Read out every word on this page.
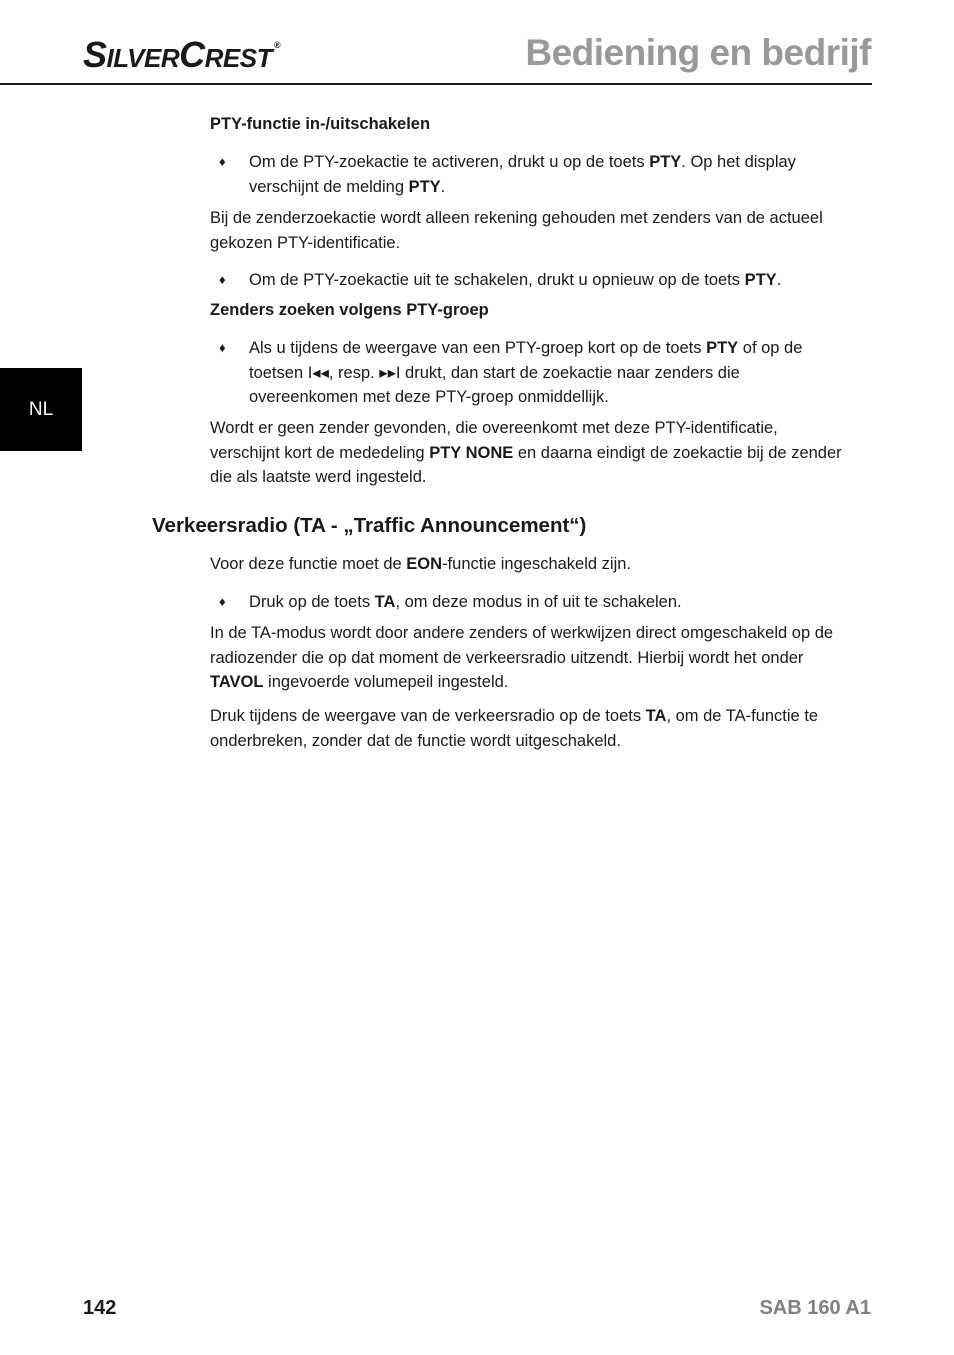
SILVERCREST ®	Bediening en bedrijf
NL
PTY-functie in-/uitschakelen
♦ Om de PTY-zoekactie te activeren, drukt u op de toets PTY. Op het display verschijnt de melding PTY.
Bij de zenderzoekactie wordt alleen rekening gehouden met zenders van de actueel gekozen PTY-identificatie.
♦ Om de PTY-zoekactie uit te schakelen, drukt u opnieuw op de toets PTY.
Zenders zoeken volgens PTY-groep
♦ Als u tijdens de weergave van een PTY-groep kort op de toets PTY of op de toetsen I◂◂, resp. ▸▸I drukt, dan start de zoekactie naar zenders die overeenkomen met deze PTY-groep onmiddellijk.
Wordt er geen zender gevonden, die overeenkomt met deze PTY-identificatie, verschijnt kort de mededeling PTY NONE en daarna eindigt de zoekactie bij de zender die als laatste werd ingesteld.
Verkeersradio (TA - „Traffic Announcement“)
Voor deze functie moet de EON-functie ingeschakeld zijn.
♦ Druk op de toets TA, om deze modus in of uit te schakelen.
In de TA-modus wordt door andere zenders of werkwijzen direct omgeschakeld op de radiozender die op dat moment de verkeersradio uitzendt. Hierbij wordt het onder TAVOL ingevoerde volumepeil ingesteld.
Druk tijdens de weergave van de verkeersradio op de toets TA, om de TA-functie te onderbreken, zonder dat de functie wordt uitgeschakeld.
142	SAB 160 A1
